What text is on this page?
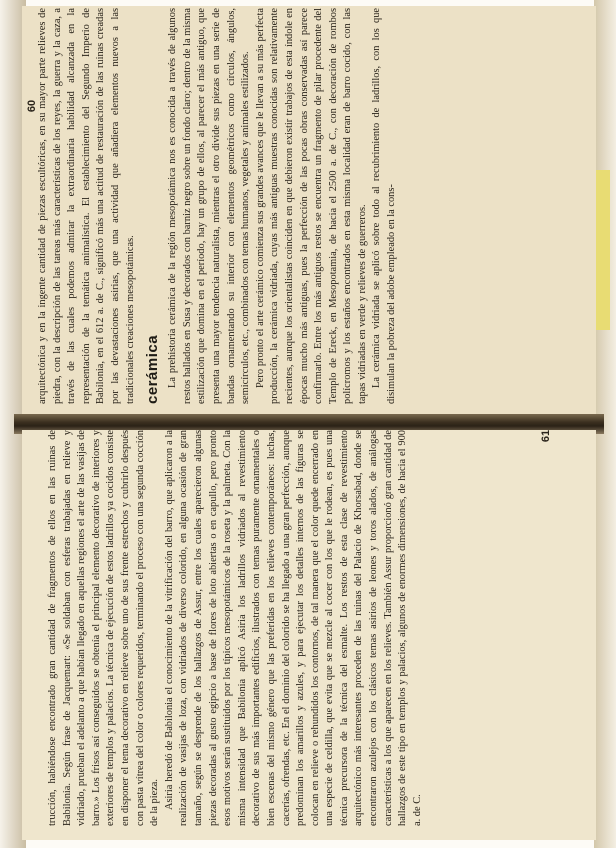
arquitectónica y en la ingente cantidad de piezas escultóricas, en su mayor parte relieves de piedra, con la descripción de las tareas más características de los reyes, la guerra y la caza, a través de las cuales podemos admirar la extraordinaria habilidad alcanzada en la representación de la temática animalística. El establecimiento del Segundo Imperio de Babilonia, en el 612 a. de C., significó más una actitud de restauración de las ruinas creadas por las devastaciones asirias, que una actividad que añadiera elementos nuevos a las tradicionales creaciones mesopotámicas. cerámica La prehistoria cerámica de la región mesopotámica nos es conocida a través de algunos restos hallados en Susa y decorados con barniz negro sobre un fondo claro; dentro de la misma estilización que domina en el período, hay un grupo de ellos, al parecer el más antiguo, que presenta una mayor tendencia naturalista, mientras el otro divide sus piezas en una serie de bandas ornamentando su interior con elementos geométricos como círculos, ángulos, semicírculos, etc., combinados con temas humanos, vegetales y animales estilizados. Pero pronto el arte cerámico comienza sus grandes avances que le llevan a su más perfecta producción, la cerámica vidriada, cuyas más antiguas muestras conocidas son relativamente recientes, aunque los orientalistas coinciden en que debieron existir trabajos de esta índole en épocas mucho más antiguas, pues la perfección de las pocas obras conservadas así parece confirmarlo. Entre los más antiguos restos se encuentra un fragmento de pilar procedente del Templo de Ereck, en Mesopotamia, de hacia el 2500 a. de C., con decoración de rombos polícromos y los estaños encontrados en esta misma localidad eran de barro cocido, con las tapas vidriadas en verde y relieves de guerreros. La cerámica vidriada se aplicó sobre todo al recubrimiento de ladrillos, con los que disimulan la pobreza del adobe empleado en la cons-

60

trucción, habiéndose encontrado gran cantidad de fragmentos de ellos en las ruinas de Babilonia. Según frase de Jacquemart: «Se soldaban con esferas trabajadas en relieve y vidriado, prueban el adelanto a que habían llegado en aquellas regiones el arte de las vasijas de barro.» Los frisos así conseguidos se obtenía el principal elemento decorativo de interiores y exteriores de templos y palacios. La técnica de ejecución de estos ladrillos ya cocidos consiste en disponer el tema decorativo en relieve sobre uno de sus frente estrechos y cubrirlo después con pasta vítrea del color o colores requeridos, terminando el proceso con una segunda cocción de la pieza. Asiria heredó de Babilonia el conocimiento de la vitrificación del barro, que aplicaron a la realización de vasijas de loza, con vidriados de diverso colorido, en alguna ocasión de gran tamaño, según se desprende de los hallazgos de Assur, entre los cuales aparecieron algunas piezas decoradas al gusto egipcio a base de flores de loto abiertas o en capullo, pero pronto esos motivos serán sustituidos por los típicos mesopotámicos de la roseta y la palmeta. Con la misma intensidad que Babilonia aplicó Asiria los ladrillos vidriados al revestimiento decorativo de sus más importantes edificios, ilustrados con temas puramente ornamentales o bien escenas del mismo género que las preferidas en los relieves contemporáneos: luchas, cacerías, ofrendas, etc. En el dominio del colorido se ha llegado a una gran perfección, aunque predominan los amarillos y azules, y para ejecutar los detalles internos de las figuras se colocan en relieve o rehundidos los contornos, de tal manera que el color quede encerrado en una especie de celdilla, que evita que se mezcle al cocer con los que le rodean, es pues una técnica precursora de la técnica del esmalte. Los restos de esta clase de revestimiento arquitectónico más interesantes proceden de las ruinas del Palacio de Khorsabad, donde se encontraron azulejos con los clásicos temas asirios de leones y toros alados, de análogas características a los que aparecen en los relieves. También Assur proporcionó gran cantidad de hallazgos de este tipo en templos y palacios, algunos de enormes dimensiones, de hacia el 900 a. de C.

61
